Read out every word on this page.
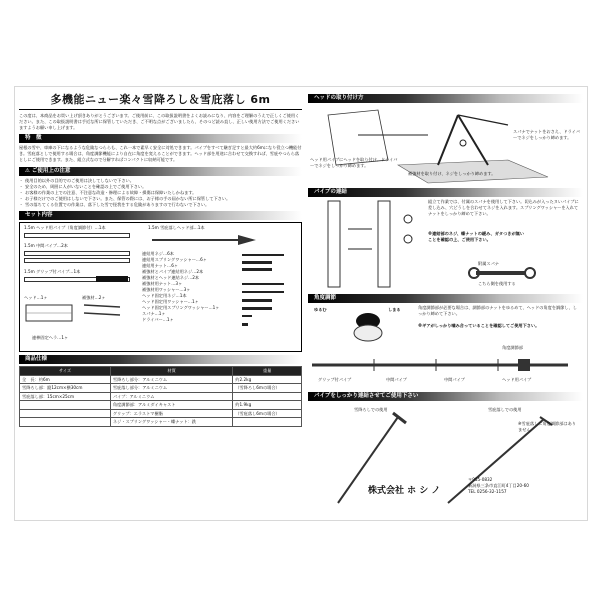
多機能ニュー楽々雪降ろし＆雪庇落し 6m

この度は、本商品をお買い上げ頂きありがとうございます。ご使用前に、この取扱説明書をよくお読みになり、内容をご理解のうえで正しくご使用ください。また、この取扱説明書は手近な所に保管していただき、ご不明な点がございましたら、そのつど読み直し、正しい使用方法でご使用くださいますようお願い申し上げます。

特　徴

屋根の雪や、車庫の下になるような危険なつららも、これ一本で素早く安全に対処できます。パイプをすべて継ぎ足すと最大約6mになり役立つ機能付き。雪庇落としで使用する場合は、角度調節機能により自在に角度を変えることができます。ヘッド部を用途に合わせて交換すれば、雪庇やつらら落としにご使用できます。また、組立式なので分解すればコンパクトに収納可能です。

⚠ ご使用上の注意
・ 使用目的以外の目的でのご使用は決してしないで下さい。
・ 安全のため、周囲に人がいないことを確認の上でご使用下さい。
・ お客様の作業の上での注意、不注意な改造・修理による故障・損傷は保障いたしかねます。
・ お子様だけでのご使用はしないで下さい。また、保管の際には、お子様の手の届かない所に保管して下さい。
・ 雪の落ちてくる位置での作業は、落下した雪で怪我をする危険がありますので行わないで下さい。
セット内容
1.5m ヘッド用パイプ（角度調節付）…1本
1.5m 中間パイプ…2本
1.5m グリップ付パイプ…1本
ヘッド…1ヶ	補強材…2ヶ
連棒固定ヘラ…1ヶ
1.5m 雪庇落しヘッド部…1本
連結用ネジ…6本
連結用スプリングワッシャー…6ヶ
連結用ナット…6ヶ
補強材とパイプ連結用ネジ…2本
補強材とヘッド連結ネジ…2本
補強材用ナット…3ヶ
補強材用ワッシャー…3ヶ
ヘッド固定用ネジ…1本
ヘッド固定用ワッシャー…1ヶ
ヘッド固定用スプリングワッシャー…1ヶ
スパナ…1ヶ
ドライバー…1ヶ
商品仕様
サイズ	材質	重量
全　長：約6m	雪降ろし部分：アルミニウム	約2.2kg
雪降ろし部：縦12cm×横30cm	雪庇落し部分：アルミニウム	（雪降ろし6mの場合）
雪庇落し部：15cm×25cm	パイプ：アルミニウム	
	角度調節部：アルミダイキャスト	約1.9kg
	グリップ：エラストマ樹脂	（雪庇落し6mの場合）
	ネジ・スプリングワッシャー・蝶ナット：鉄	
ヘッドの取り付け方
ヘッド用パイプにヘッドを取り付け、ドライバーでネジをしっかり締めます。
補強材を取り付け、ネジをしっかり締めます。
スパナでナットをおさえ、ドライバーでネジをしっかり締めます。
パイプの連結
組立て作業では、付属のスパナを使用して下さい。切込みが入ったヌいパイプに差し込み、穴どうしを合わせてネジを入れます。スプリングワッシャーを入れてナットをしっかり締めて下さい。
※連結部のネジ、蝶ナットの緩み、ガタつきが無いことを確認の上、ご使用下さい。
附属スパナ
こちら側を使用する
角度調節
ゆるむ	しまる	角度調節部が必要な場合は、調節部のナットをゆるめて、ヘッドの角度を調節し、しっかり締めて下さい。
※ギアがしっかり噛み合っていることを確認してご使用下さい。
角度調節部
グリップ付パイプ	中間パイプ	中間パイプ	ヘッド用パイプ
パイプをしっかり連結させてご使用下さい
雪降ろしでの使用	雪庇落しでの使用
※雪庇落しに角度調節部はありません
株式会社 ホ シ ノ
〒955-0832
新潟県三条市直江町4丁目20-60
TEL 0256-32-1157
